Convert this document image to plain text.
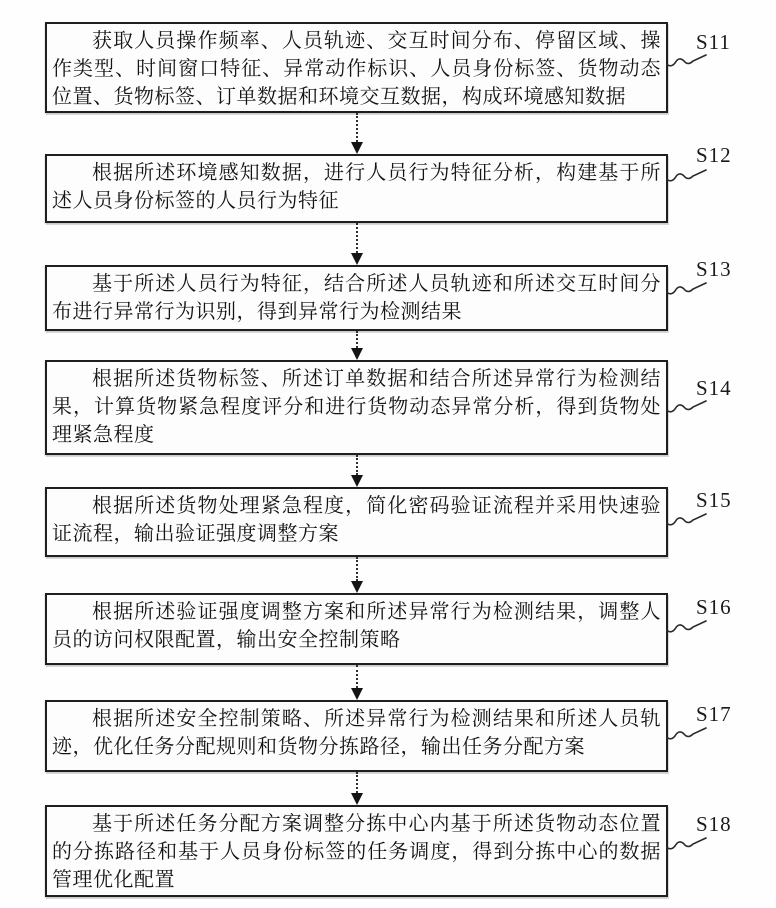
获取人员操作频率、人员轨迹、交互时间分布、停留区域、操作类型、时间窗口特征、异常动作标识、人员身份标签、货物动态位置、货物标签、订单数据和环境交互数据，构成环境感知数据

S11

根据所述环境感知数据，进行人员行为特征分析，构建基于所述人员身份标签的人员行为特征

S12

基于所述人员行为特征，结合所述人员轨迹和所述交互时间分布进行异常行为识别，得到异常行为检测结果

S13

根据所述货物标签、所述订单数据和结合所述异常行为检测结果，计算货物紧急程度评分和进行货物动态异常分析，得到货物处理紧急程度

S14

根据所述货物处理紧急程度，简化密码验证流程并采用快速验证流程，输出验证强度调整方案

S15

根据所述验证强度调整方案和所述异常行为检测结果，调整人员的访问权限配置，输出安全控制策略

S16

根据所述安全控制策略、所述异常行为检测结果和所述人员轨迹，优化任务分配规则和货物分拣路径，输出任务分配方案

S17

基于所述任务分配方案调整分拣中心内基于所述货物动态位置的分拣路径和基于人员身份标签的任务调度，得到分拣中心的数据管理优化配置

S18
